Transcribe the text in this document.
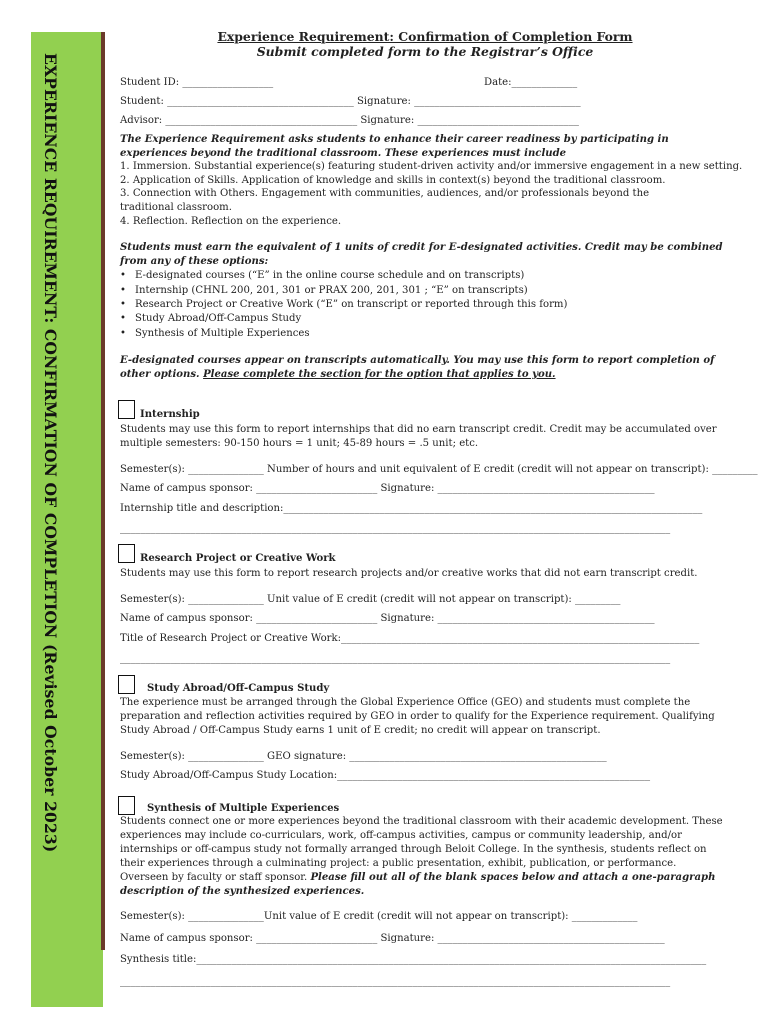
EXPERIENCE REQUIREMENT: CONFIRMATION OF COMPLETION (Revised October 2023)
Experience Requirement: Confirmation of Completion Form
Submit completed form to the Registrar’s Office
Student ID: __________________	Date:_____________
Student: _____________________________________ Signature: _________________________________
Advisor: ______________________________________ Signature: ________________________________
The Experience Requirement asks students to enhance their career readiness by participating in experiences beyond the traditional classroom. These experiences must include
1. Immersion. Substantial experience(s) featuring student-driven activity and/or immersive engagement in a new setting.
2. Application of Skills. Application of knowledge and skills in context(s) beyond the traditional classroom.
3. Connection with Others. Engagement with communities, audiences, and/or professionals beyond the traditional classroom.
4. Reflection. Reflection on the experience.
Students must earn the equivalent of 1 units of credit for E-designated activities. Credit may be combined from any of these options:
• E-designated courses (“E” in the online course schedule and on transcripts)
• Internship (CHNL 200, 201, 301 or PRAX 200, 201, 301 ; “E” on transcripts)
• Research Project or Creative Work (“E” on transcript or reported through this form)
• Study Abroad/Off-Campus Study
• Synthesis of Multiple Experiences
E-designated courses appear on transcripts automatically. You may use this form to report completion of other options. Please complete the section for the option that applies to you.
Internship
Students may use this form to report internships that did no earn transcript credit. Credit may be accumulated over multiple semesters: 90-150 hours = 1 unit; 45-89 hours = .5 unit; etc.
Semester(s): _______________ Number of hours and unit equivalent of E credit (credit will not appear on transcript): _________
Name of campus sponsor: ________________________ Signature: ___________________________________________
Internship title and description:___________________________________________________________________________________
_____________________________________________________________________________________________________________
Research Project or Creative Work
Students may use this form to report research projects and/or creative works that did not earn transcript credit.
Semester(s): _______________ Unit value of E credit (credit will not appear on transcript): _________
Name of campus sponsor: ________________________ Signature: ___________________________________________
Title of Research Project or Creative Work:_______________________________________________________________________
_____________________________________________________________________________________________________________
Study Abroad/Off-Campus Study
The experience must be arranged through the Global Experience Office (GEO) and students must complete the preparation and reflection activities required by GEO in order to qualify for the Experience requirement. Qualifying Study Abroad / Off-Campus Study earns 1 unit of E credit; no credit will appear on transcript.
Semester(s): _______________ GEO signature: ___________________________________________________
Study Abroad/Off-Campus Study Location:______________________________________________________________
Synthesis of Multiple Experiences
Students connect one or more experiences beyond the traditional classroom with their academic development. These experiences may include co-curriculars, work, off-campus activities, campus or community leadership, and/or internships or off-campus study not formally arranged through Beloit College. In the synthesis, students reflect on their experiences through a culminating project: a public presentation, exhibit, publication, or performance. Overseen by faculty or staff sponsor. Please fill out all of the blank spaces below and attach a one-paragraph description of the synthesized experiences.
Semester(s): _______________Unit value of E credit (credit will not appear on transcript): _____________
Name of campus sponsor: ________________________ Signature: _____________________________________________
Synthesis title:_____________________________________________________________________________________________________
_____________________________________________________________________________________________________________
